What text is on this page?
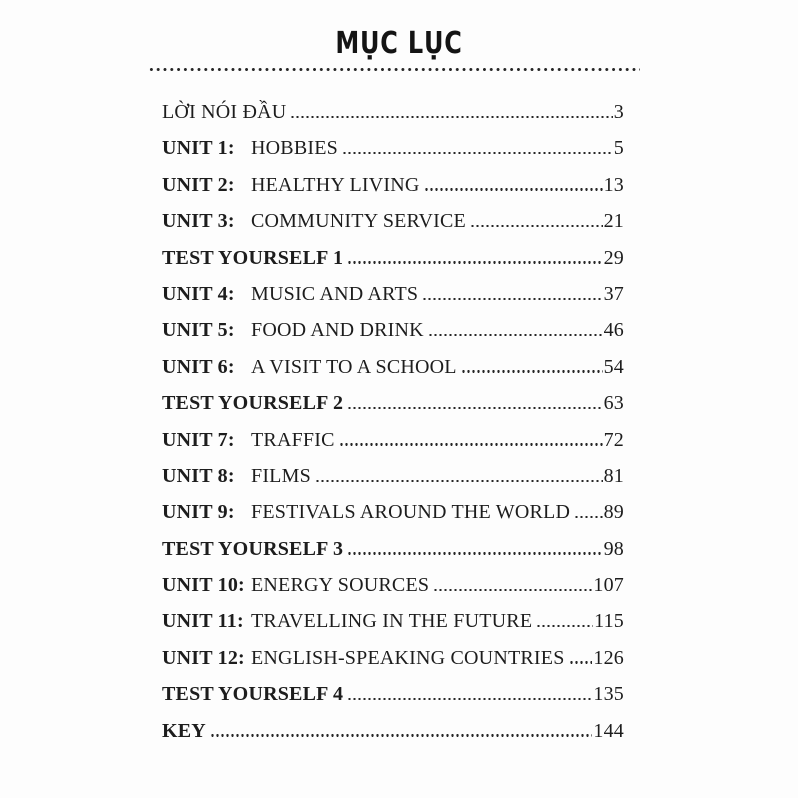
MỤC LỤC
LỜI NÓI ĐẦU	3
UNIT 1: HOBBIES	5
UNIT 2: HEALTHY LIVING	13
UNIT 3: COMMUNITY SERVICE	21
TEST YOURSELF 1	29
UNIT 4: MUSIC AND ARTS	37
UNIT 5: FOOD AND DRINK	46
UNIT 6: A VISIT TO A SCHOOL	54
TEST YOURSELF 2	63
UNIT 7: TRAFFIC	72
UNIT 8: FILMS	81
UNIT 9: FESTIVALS AROUND THE WORLD 89
TEST YOURSELF 3	98
UNIT 10: ENERGY SOURCES	107
UNIT 11: TRAVELLING IN THE FUTURE	115
UNIT 12: ENGLISH-SPEAKING COUNTRIES 126
TEST YOURSELF 4	135
KEY	144
